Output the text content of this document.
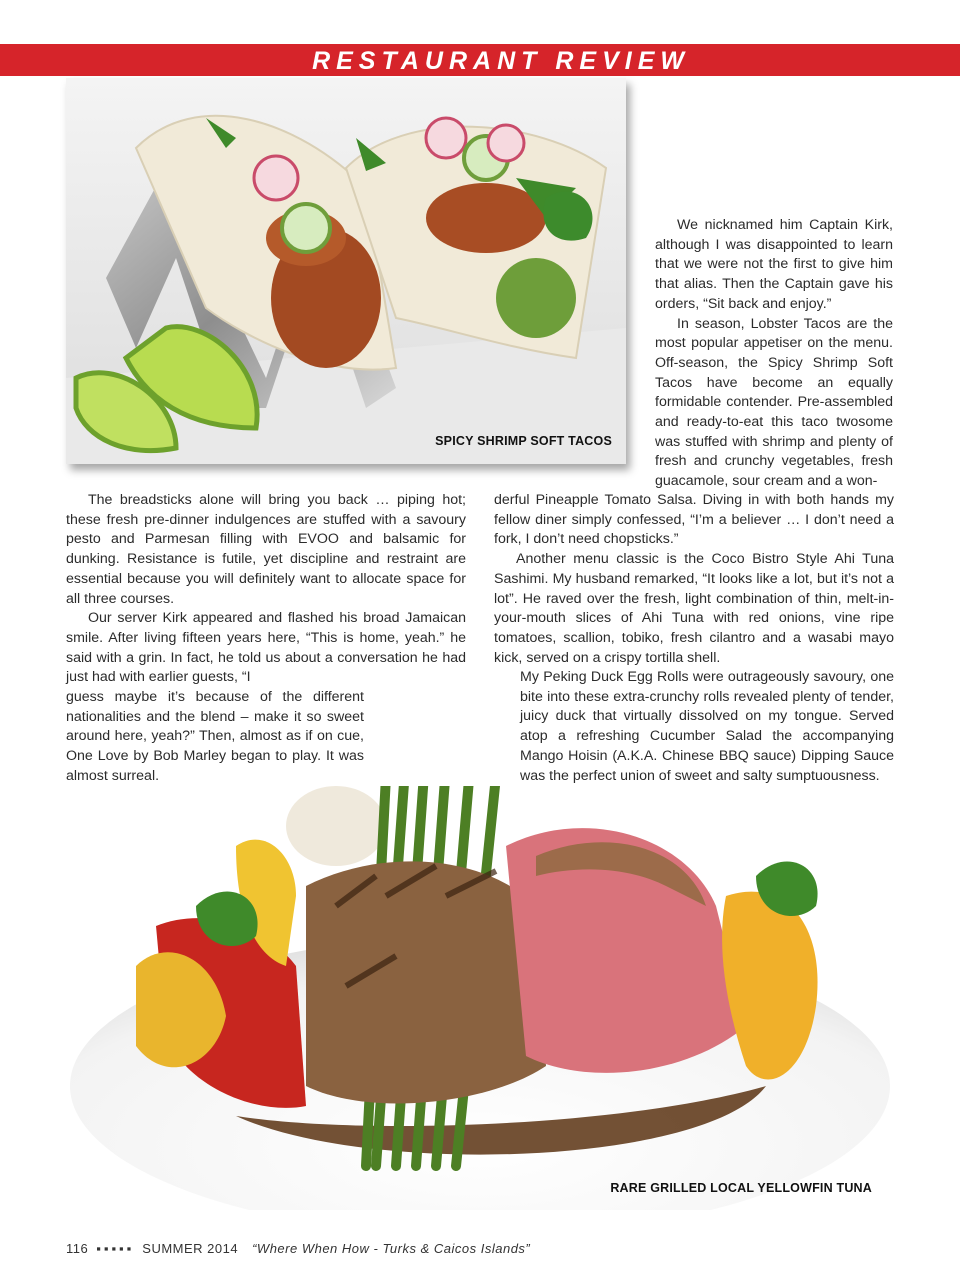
RESTAURANT REVIEW
SPICY SHRIMP SOFT TACOS

We nicknamed him Captain Kirk, although I was disappointed to learn that we were not the first to give him that alias. Then the Captain gave his orders, “Sit back and enjoy.”

In season, Lobster Tacos are the most popular appetiser on the menu. Off-season, the Spicy Shrimp Soft Tacos have become an equally formidable contender. Pre-assembled and ready-to-eat this taco twosome was stuffed with shrimp and plenty of fresh and crunchy vegetables, fresh guacamole, sour cream and a won-

The breadsticks alone will bring you back … piping hot; these fresh pre-dinner indulgences are stuffed with a savoury pesto and Parmesan filling with EVOO and balsamic for dunking. Resistance is futile, yet discipline and restraint are essential because you will definitely want to allocate space for all three courses.

Our server Kirk appeared and flashed his broad Jamaican smile. After living fifteen years here, “This is home, yeah.” he said with a grin. In fact, he told us about a conversation he had just had with earlier guests, “I

guess maybe it’s because of the different nationalities and the blend – make it so sweet around here, yeah?” Then, almost as if on cue, One Love by Bob Marley began to play. It was almost surreal.

derful Pineapple Tomato Salsa. Diving in with both hands my fellow diner simply confessed, “I’m a believer … I don’t need a fork, I don’t need chopsticks.”

Another menu classic is the Coco Bistro Style Ahi Tuna Sashimi. My husband remarked, “It looks like a lot, but it’s not a lot”. He raved over the fresh, light combination of thin, melt-in-your-mouth slices of Ahi Tuna with red onions, vine ripe tomatoes, scallion, tobiko, fresh cilantro and a wasabi mayo kick, served on a crispy tortilla shell.

My Peking Duck Egg Rolls were outrageously savoury, one bite into these extra-crunchy rolls revealed plenty of tender, juicy duck that virtually dissolved on my tongue. Served atop a refreshing Cucumber Salad the accompanying Mango Hoisin (A.K.A. Chinese BBQ sauce) Dipping Sauce was the perfect union of sweet and salty sumptuousness.

RARE GRILLED LOCAL YELLOWFIN TUNA
116 ▪▪▪▪▪ SUMMER 2014 “Where When How - Turks & Caicos Islands”
